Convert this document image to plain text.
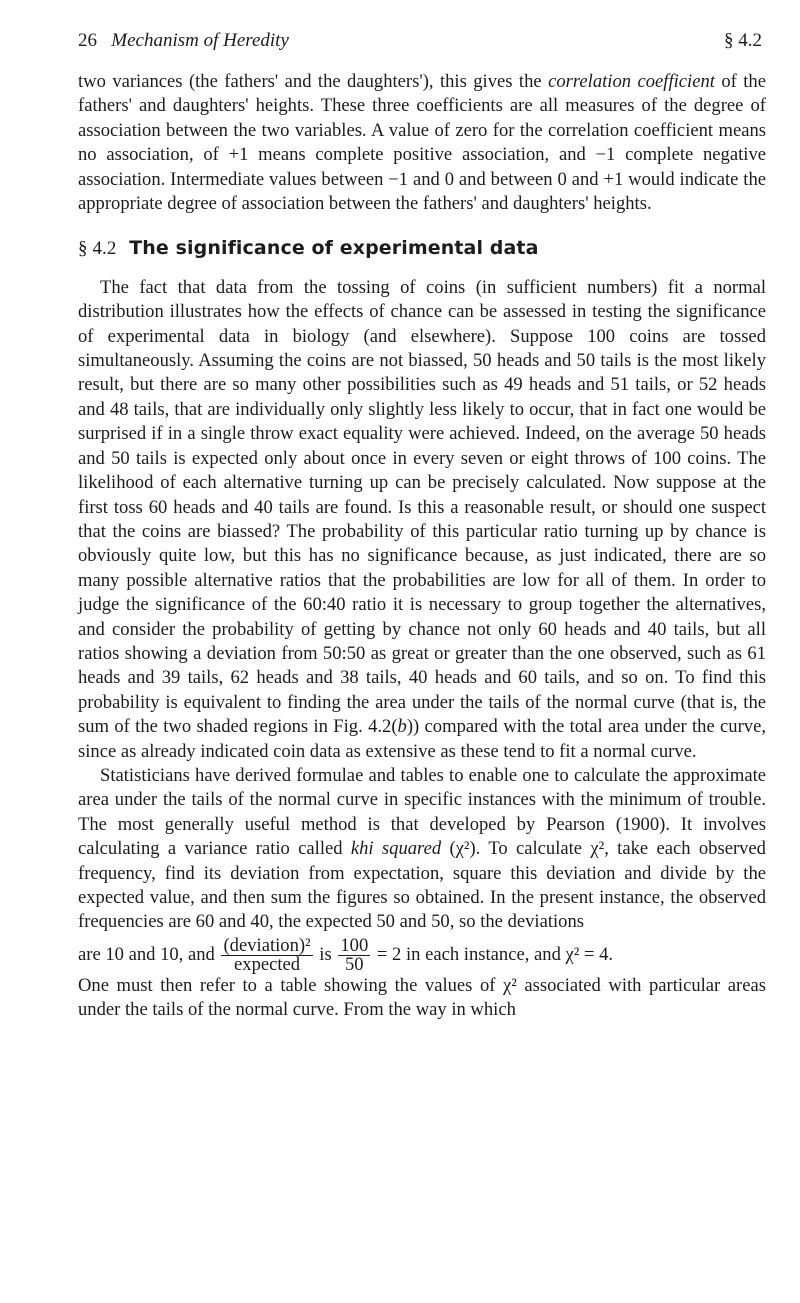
26 Mechanism of Heredity	§ 4.2

two variances (the fathers' and the daughters'), this gives the correlation coefficient of the fathers' and daughters' heights. These three coefficients are all measures of the degree of association between the two variables. A value of zero for the correlation coefficient means no association, of +1 means complete positive association, and −1 complete negative association. Intermediate values between −1 and 0 and between 0 and +1 would indicate the appropriate degree of association between the fathers' and daughters' heights.

§ 4.2 The significance of experimental data

The fact that data from the tossing of coins (in sufficient numbers) fit a normal distribution illustrates how the effects of chance can be assessed in testing the significance of experimental data in biology (and elsewhere). Suppose 100 coins are tossed simultaneously. Assuming the coins are not biassed, 50 heads and 50 tails is the most likely result, but there are so many other possibilities such as 49 heads and 51 tails, or 52 heads and 48 tails, that are individually only slightly less likely to occur, that in fact one would be surprised if in a single throw exact equality were achieved. Indeed, on the average 50 heads and 50 tails is expected only about once in every seven or eight throws of 100 coins. The likelihood of each alternative turning up can be precisely calculated. Now suppose at the first toss 60 heads and 40 tails are found. Is this a reasonable result, or should one suspect that the coins are biassed? The probability of this particular ratio turning up by chance is obviously quite low, but this has no significance because, as just indicated, there are so many possible alternative ratios that the probabilities are low for all of them. In order to judge the significance of the 60:40 ratio it is necessary to group together the alternatives, and consider the probability of getting by chance not only 60 heads and 40 tails, but all ratios showing a deviation from 50:50 as great or greater than the one observed, such as 61 heads and 39 tails, 62 heads and 38 tails, 40 heads and 60 tails, and so on. To find this probability is equivalent to finding the area under the tails of the normal curve (that is, the sum of the two shaded regions in Fig. 4.2(b)) compared with the total area under the curve, since as already indicated coin data as extensive as these tend to fit a normal curve.

Statisticians have derived formulae and tables to enable one to calculate the approximate area under the tails of the normal curve in specific instances with the minimum of trouble. The most generally useful method is that developed by Pearson (1900). It involves calculating a variance ratio called khi squared (χ²). To calculate χ², take each observed frequency, find its deviation from expectation, square this deviation and divide by the expected value, and then sum the figures so obtained. In the present instance, the observed frequencies are 60 and 40, the expected 50 and 50, so the deviations

are 10 and 10, and $\frac{\text{(deviation)²}}{\text{expected}}$ is $\frac{100}{50} = 2$ in each instance, and χ² = 4.

One must then refer to a table showing the values of χ² associated with particular areas under the tails of the normal curve. From the way in which
